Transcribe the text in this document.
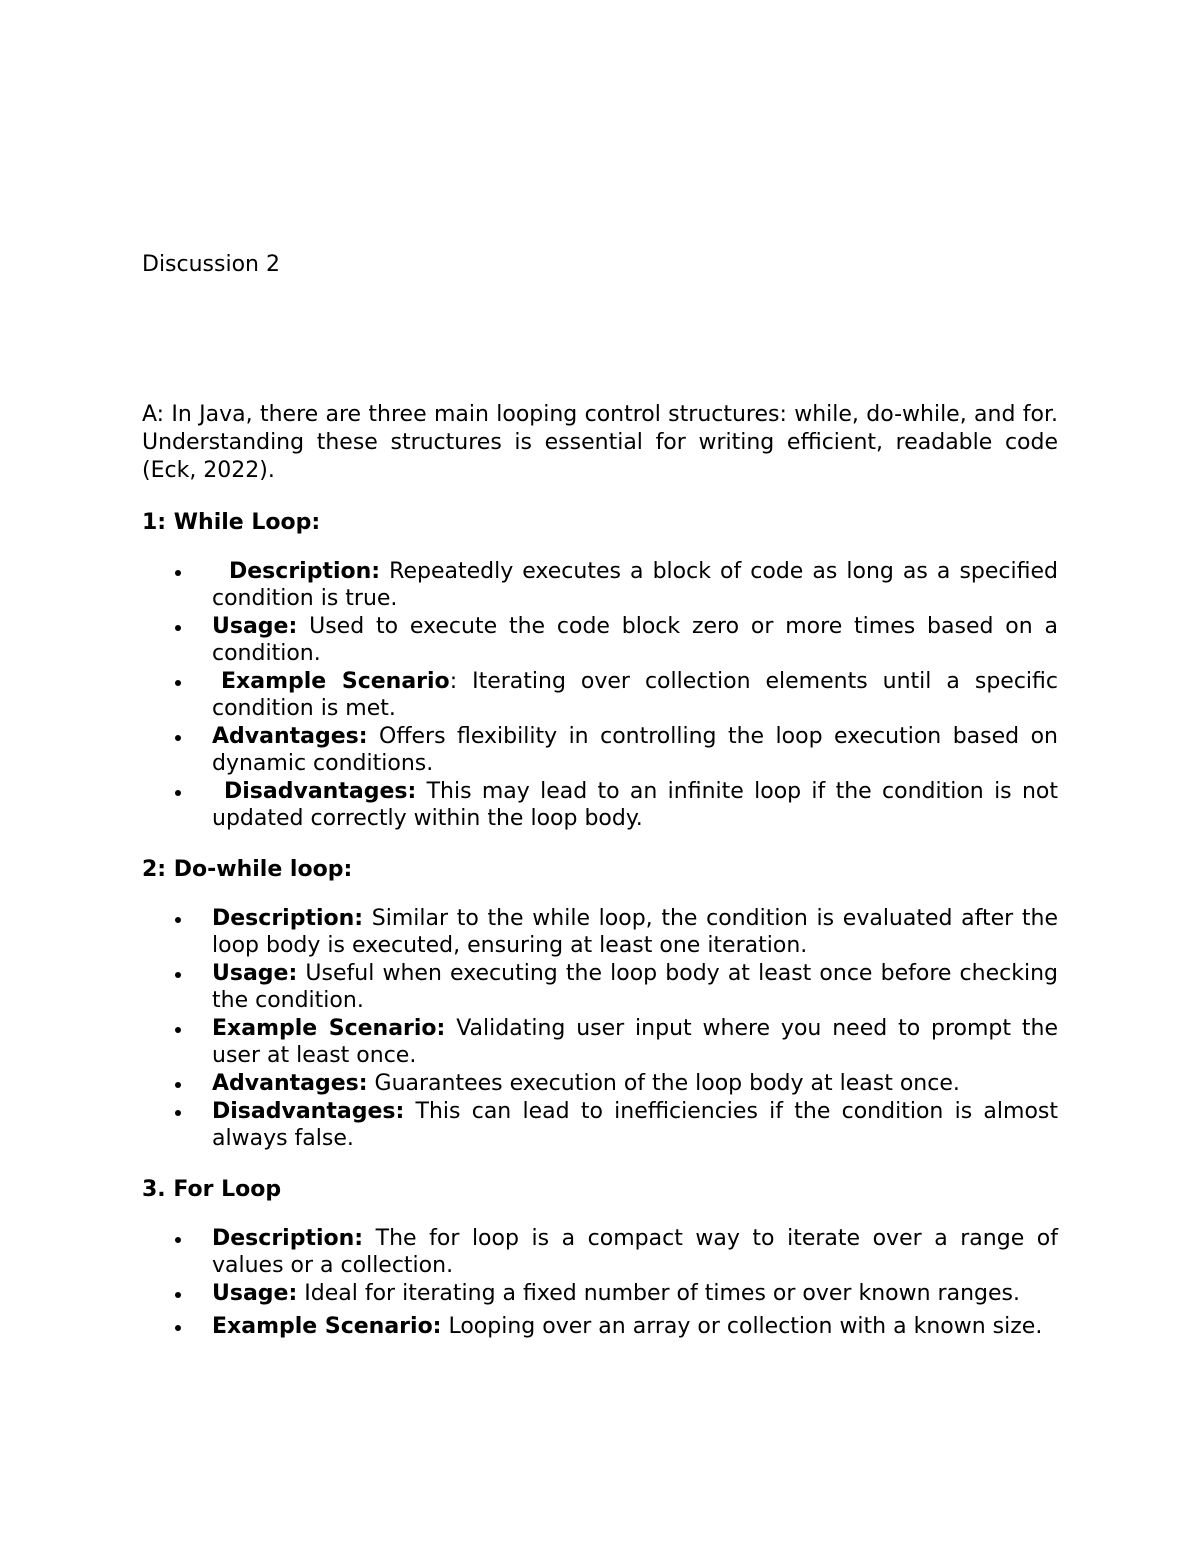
Discussion 2

A: In Java, there are three main looping control structures: while, do-while, and for. Understanding these structures is essential for writing efficient, readable code (Eck, 2022).

1: While Loop:
Description: Repeatedly executes a block of code as long as a specified condition is true.
Usage: Used to execute the code block zero or more times based on a condition.
Example Scenario: Iterating over collection elements until a specific condition is met.
Advantages: Offers flexibility in controlling the loop execution based on dynamic conditions.
Disadvantages: This may lead to an infinite loop if the condition is not updated correctly within the loop body.
2: Do-while loop:
Description: Similar to the while loop, the condition is evaluated after the loop body is executed, ensuring at least one iteration.
Usage: Useful when executing the loop body at least once before checking the condition.
Example Scenario: Validating user input where you need to prompt the user at least once.
Advantages: Guarantees execution of the loop body at least once.
Disadvantages: This can lead to inefficiencies if the condition is almost always false.
3. For Loop
Description: The for loop is a compact way to iterate over a range of values or a collection.
Usage: Ideal for iterating a fixed number of times or over known ranges.
Example Scenario: Looping over an array or collection with a known size.
